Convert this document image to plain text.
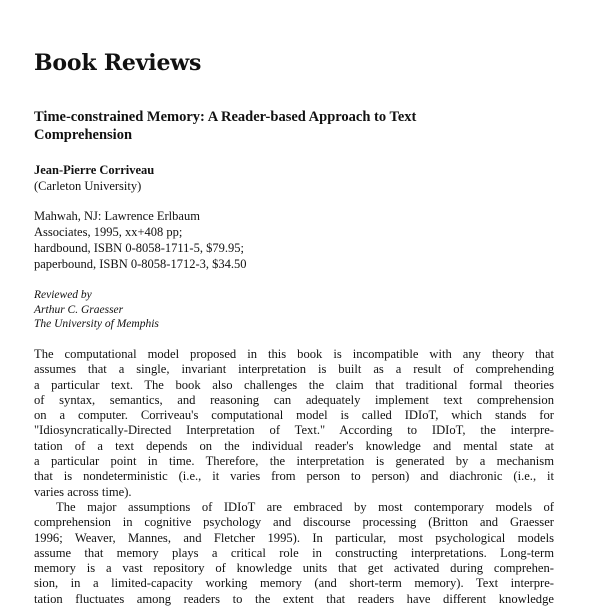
Book Reviews
Time-constrained Memory: A Reader-based Approach to Text
Comprehension
Jean-Pierre Corriveau
(Carleton University)
Mahwah, NJ: Lawrence Erlbaum
Associates, 1995, xx+408 pp;
hardbound, ISBN 0-8058-1711-5, $79.95;
paperbound, ISBN 0-8058-1712-3, $34.50
Reviewed by
Arthur C. Graesser
The University of Memphis
The computational model proposed in this book is incompatible with any theory that
assumes that a single, invariant interpretation is built as a result of comprehending
a particular text. The book also challenges the claim that traditional formal theories
of syntax, semantics, and reasoning can adequately implement text comprehension
on a computer. Corriveau's computational model is called IDIoT, which stands for
"Idiosyncratically-Directed Interpretation of Text." According to IDIoT, the interpre-
tation of a text depends on the individual reader's knowledge and mental state at
a particular point in time. Therefore, the interpretation is generated by a mechanism
that is nondeterministic (i.e., it varies from person to person) and diachronic (i.e., it
varies across time).
The major assumptions of IDIoT are embraced by most contemporary models of
comprehension in cognitive psychology and discourse processing (Britton and Graesser
1996; Weaver, Mannes, and Fletcher 1995). In particular, most psychological models
assume that memory plays a critical role in constructing interpretations. Long-term
memory is a vast repository of knowledge units that get activated during comprehen-
sion, in a limited-capacity working memory (and short-term memory). Text interpre-
tation fluctuates among readers to the extent that readers have different knowledge
